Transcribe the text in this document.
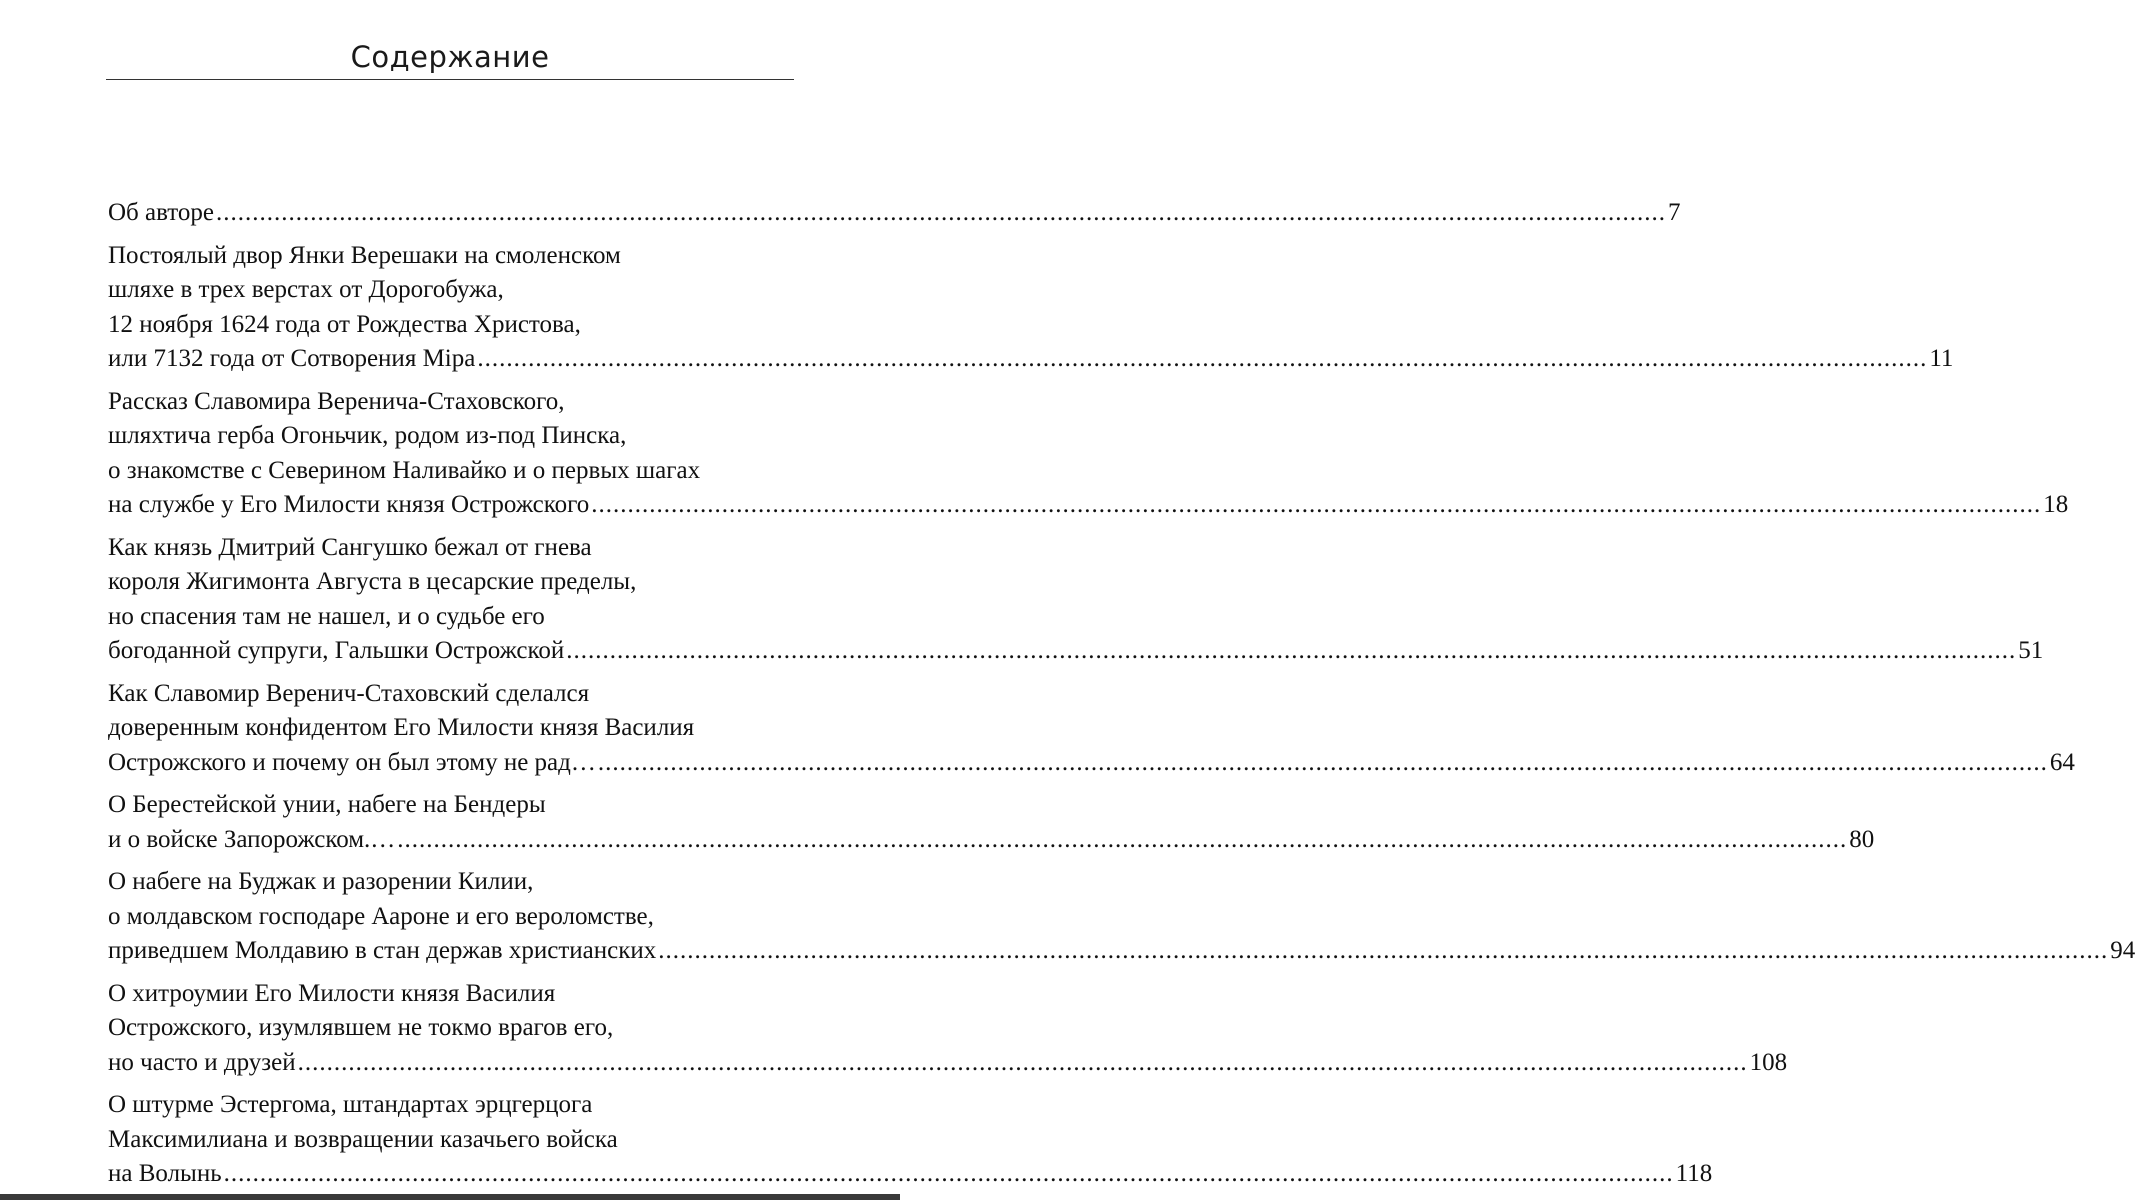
Содержание
Об авторе ........................................................................................................................................................................................................ 7
Постоялый двор Янки Верешаки на смоленском
шляхе в трех верстах от Дорогобужа,
12 ноября 1624 года от Рождества Христова,
или 7132 года от Сотворения Міра ........................................................................................................................................................................................................ 11
Рассказ Славомира Веренича-Стаховского,
шляхтича герба Огоньчик, родом из-под Пинска,
о знакомстве с Северином Наливайко и о первых шагах
на службе у Его Милости князя Острожского ........................................................................................................................................................................................................ 18
Как князь Дмитрий Сангушко бежал от гнева
короля Жигимонта Августа в цесарские пределы,
но спасения там не нашел, и о судьбе его
богоданной супруги, Гальшки Острожской ........................................................................................................................................................................................................ 51
Как Славомир Веренич-Стаховский сделался
доверенным конфидентом Его Милости князя Василия
Острожского и почему он был этому не рад… ........................................................................................................................................................................................................ 64
О Берестейской унии, набеге на Бендеры
и о войске Запорожском.… ........................................................................................................................................................................................................ 80
О набеге на Буджак и разорении Килии,
о молдавском господаре Аароне и его вероломстве,
приведшем Молдавию в стан держав христианских ........................................................................................................................................................................................................ 94
О хитроумии Его Милости князя Василия
Острожского, изумлявшем не токмо врагов его,
но часто и друзей ........................................................................................................................................................................................................ 108
О штурме Эстергома, штандартах эрцгерцога
Максимилиана и возвращении казачьего войска
на Волынь ........................................................................................................................................................................................................ 118
